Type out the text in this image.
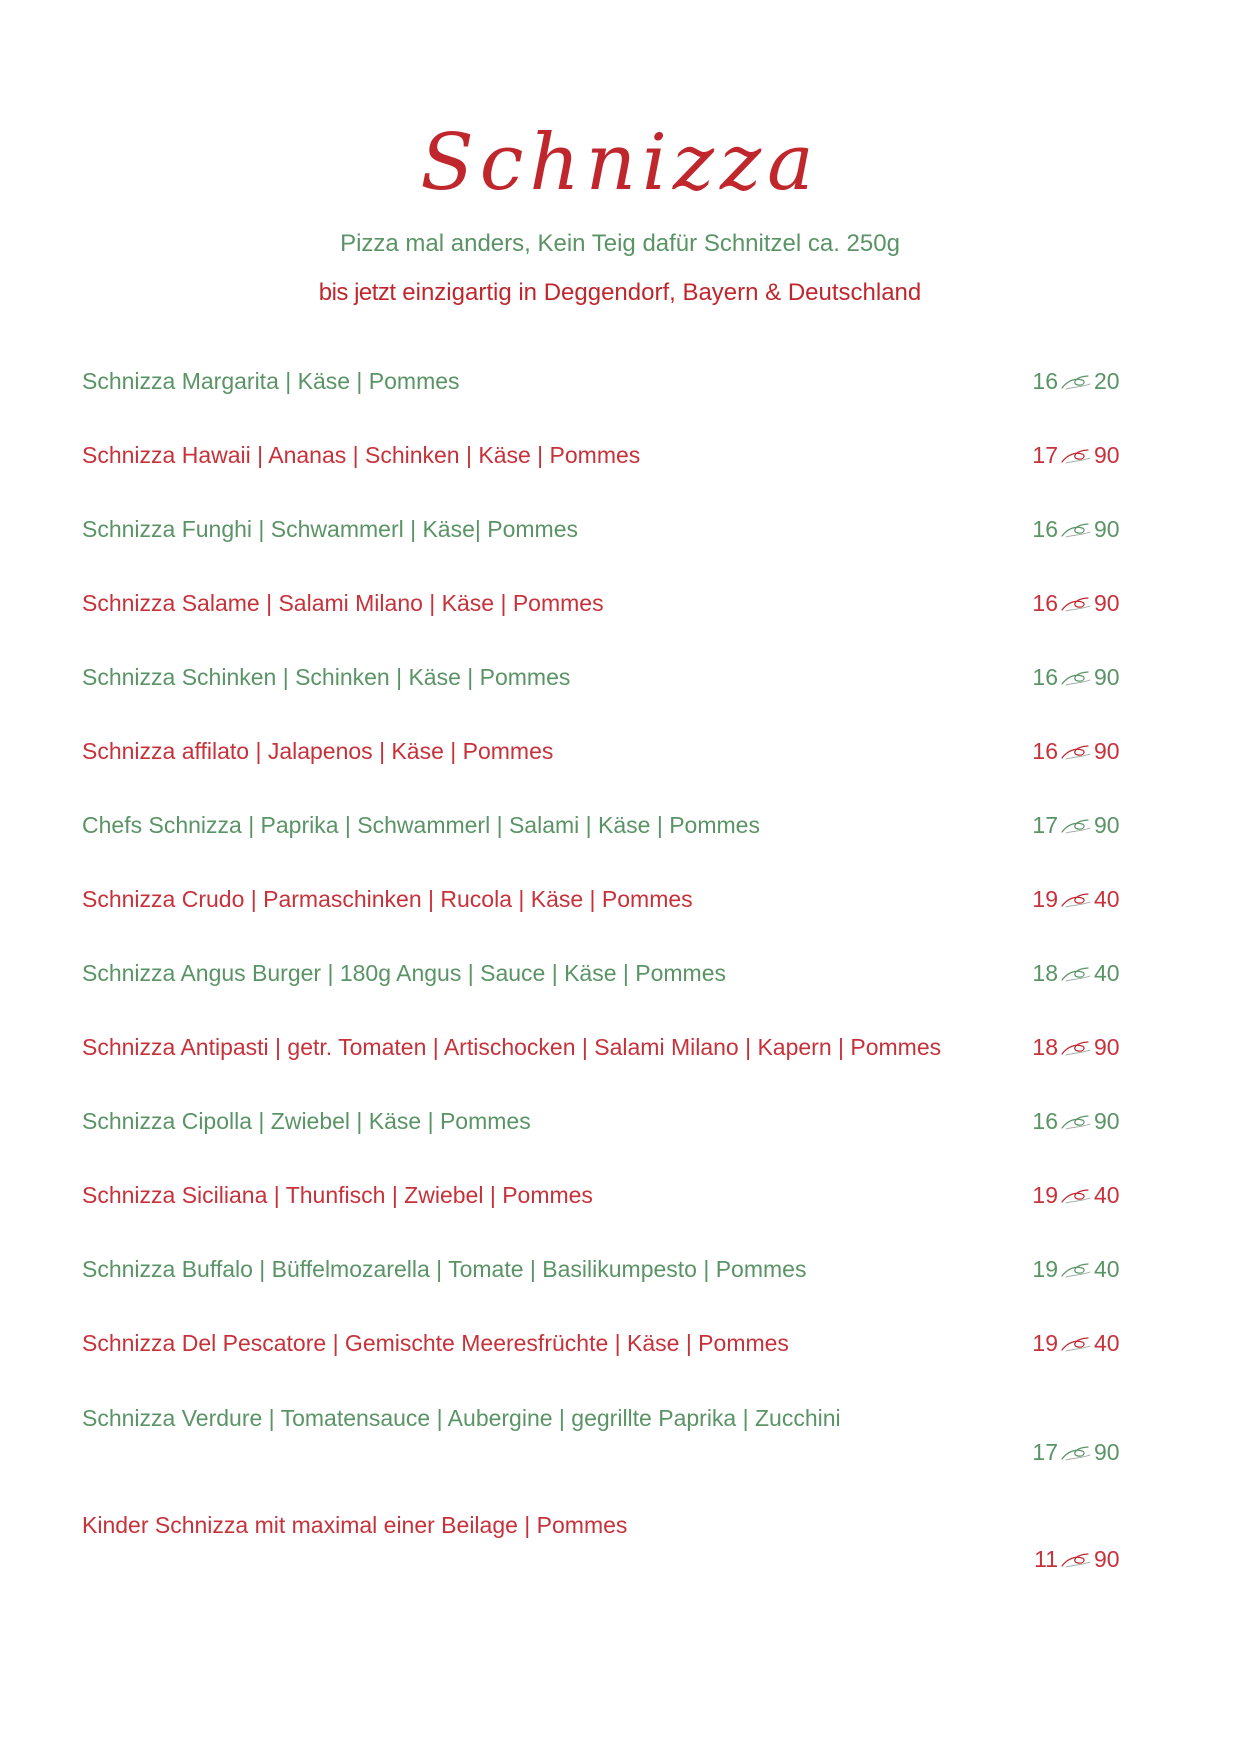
Schnizza
Pizza mal anders, Kein Teig dafür Schnitzel ca. 250g
bis jetzt einzigartig in Deggendorf, Bayern & Deutschland
Schnizza Margarita | Käse | Pommes	16 20
Schnizza Hawaii | Ananas | Schinken | Käse | Pommes	17 90
Schnizza Funghi | Schwammerl | Käse| Pommes	16 90
Schnizza Salame | Salami Milano | Käse | Pommes	16 90
Schnizza Schinken | Schinken | Käse | Pommes	16 90
Schnizza affilato | Jalapenos | Käse | Pommes	16 90
Chefs Schnizza | Paprika | Schwammerl | Salami | Käse | Pommes	17 90
Schnizza Crudo | Parmaschinken | Rucola | Käse | Pommes	19 40
Schnizza Angus Burger | 180g Angus | Sauce | Käse | Pommes	18 40
Schnizza Antipasti | getr. Tomaten | Artischocken | Salami Milano | Kapern | Pommes	18 90
Schnizza Cipolla | Zwiebel | Käse | Pommes	16 90
Schnizza Siciliana | Thunfisch | Zwiebel | Pommes	19 40
Schnizza Buffalo | Büffelmozarella | Tomate | Basilikumpesto | Pommes	19 40
Schnizza Del Pescatore | Gemischte Meeresfrüchte | Käse | Pommes	19 40
Schnizza Verdure | Tomatensauce | Aubergine | gegrillte Paprika | Zucchini
17 90
Kinder Schnizza mit maximal einer Beilage | Pommes
11 90
